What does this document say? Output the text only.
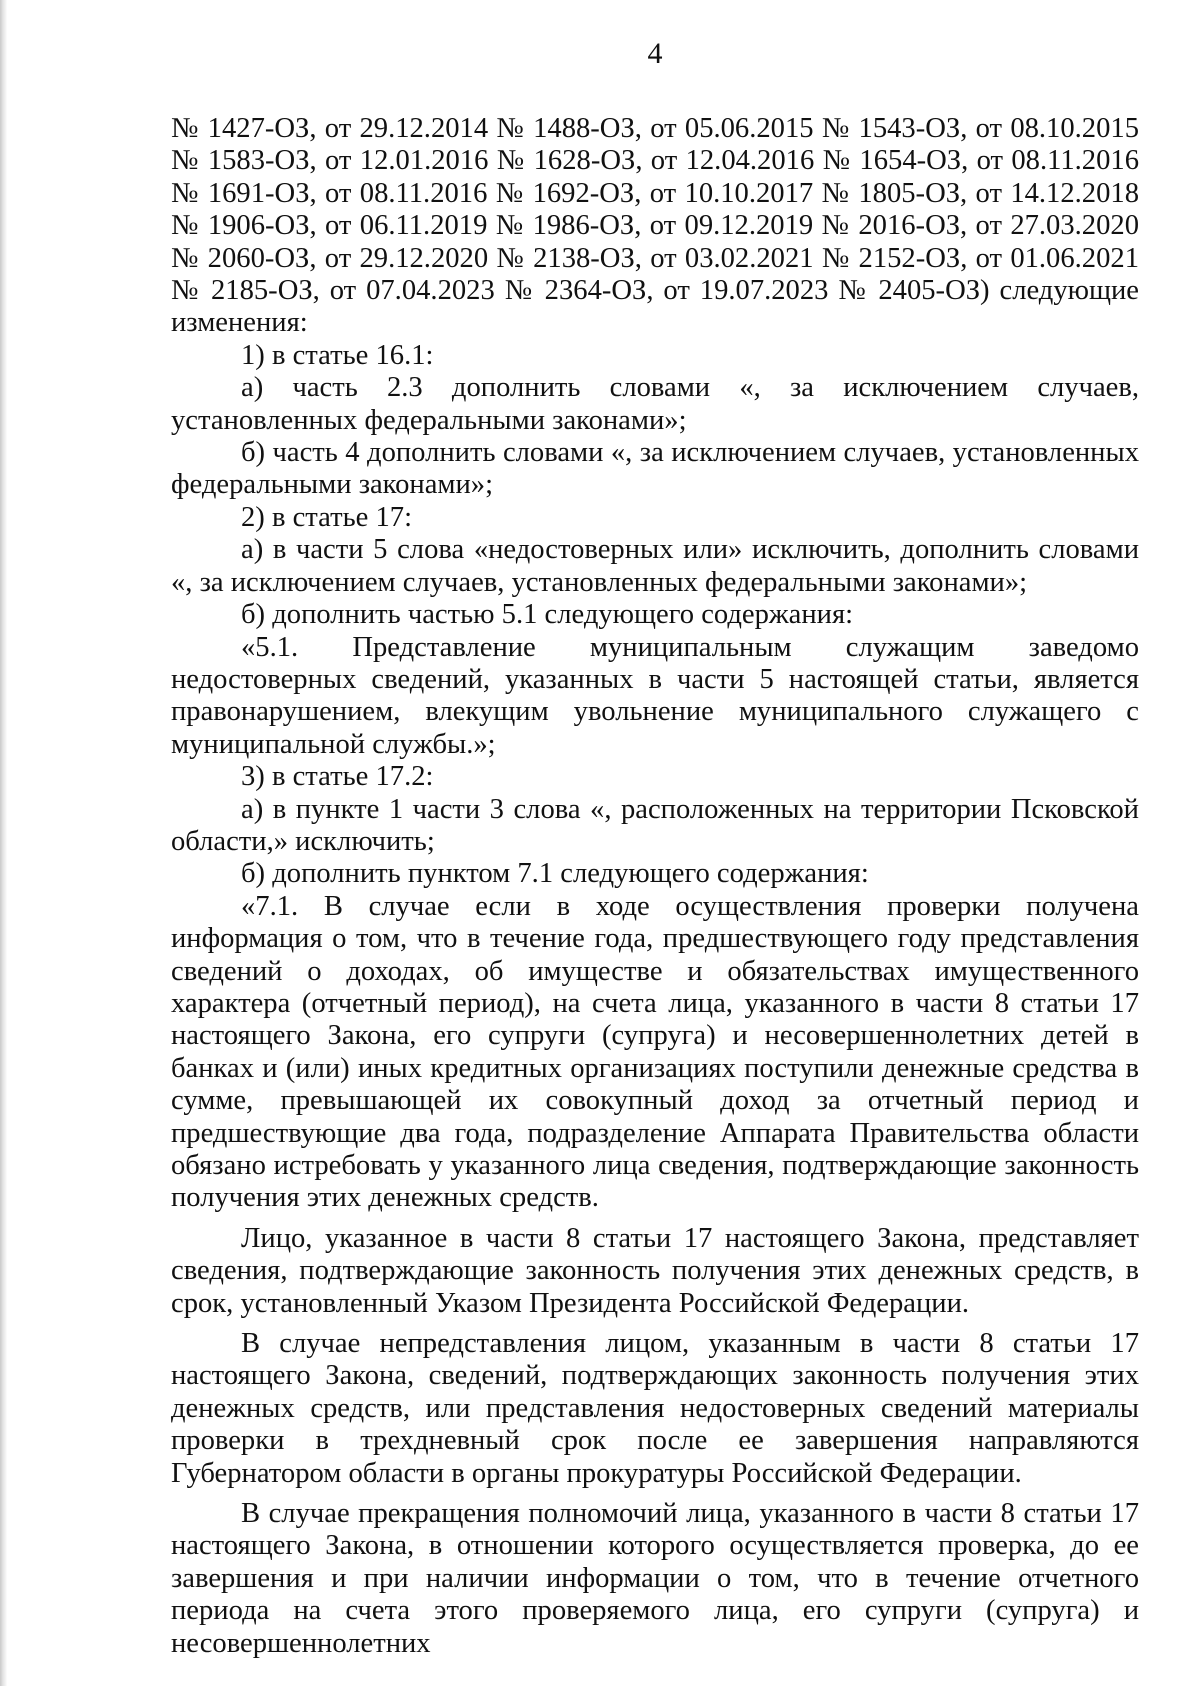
4

№ 1427-ОЗ, от 29.12.2014 № 1488-ОЗ, от 05.06.2015 № 1543-ОЗ, от 08.10.2015 № 1583-ОЗ, от 12.01.2016 № 1628-ОЗ, от 12.04.2016 № 1654-ОЗ, от 08.11.2016 № 1691-ОЗ, от 08.11.2016 № 1692-ОЗ, от 10.10.2017 № 1805-ОЗ, от 14.12.2018 № 1906-ОЗ, от 06.11.2019 № 1986-ОЗ, от 09.12.2019 № 2016-ОЗ, от 27.03.2020 № 2060-ОЗ, от 29.12.2020 № 2138-ОЗ, от 03.02.2021 № 2152-ОЗ, от 01.06.2021 № 2185-ОЗ, от 07.04.2023 № 2364-ОЗ, от 19.07.2023 № 2405-ОЗ) следующие изменения:

1) в статье 16.1:

а) часть 2.3 дополнить словами «, за исключением случаев, установленных федеральными законами»;

б) часть 4 дополнить словами «, за исключением случаев, установленных федеральными законами»;

2) в статье 17:

а) в части 5 слова «недостоверных или» исключить, дополнить словами «, за исключением случаев, установленных федеральными законами»;

б) дополнить частью 5.1 следующего содержания:

«5.1. Представление муниципальным служащим заведомо недостоверных сведений, указанных в части 5 настоящей статьи, является правонарушением, влекущим увольнение муниципального служащего с муниципальной службы.»;

3) в статье 17.2:

а) в пункте 1 части 3 слова «, расположенных на территории Псковской области,» исключить;

б) дополнить пунктом 7.1 следующего содержания:

«7.1. В случае если в ходе осуществления проверки получена информация о том, что в течение года, предшествующего году представления сведений о доходах, об имуществе и обязательствах имущественного характера (отчетный период), на счета лица, указанного в части 8 статьи 17 настоящего Закона, его супруги (супруга) и несовершеннолетних детей в банках и (или) иных кредитных организациях поступили денежные средства в сумме, превышающей их совокупный доход за отчетный период и предшествующие два года, подразделение Аппарата Правительства области обязано истребовать у указанного лица сведения, подтверждающие законность получения этих денежных средств.

Лицо, указанное в части 8 статьи 17 настоящего Закона, представляет сведения, подтверждающие законность получения этих денежных средств, в срок, установленный Указом Президента Российской Федерации.

В случае непредставления лицом, указанным в части 8 статьи 17 настоящего Закона, сведений, подтверждающих законность получения этих денежных средств, или представления недостоверных сведений материалы проверки в трехдневный срок после ее завершения направляются Губернатором области в органы прокуратуры Российской Федерации.

В случае прекращения полномочий лица, указанного в части 8 статьи 17 настоящего Закона, в отношении которого осуществляется проверка, до ее завершения и при наличии информации о том, что в течение отчетного периода на счета этого проверяемого лица, его супруги (супруга) и несовершеннолетних
